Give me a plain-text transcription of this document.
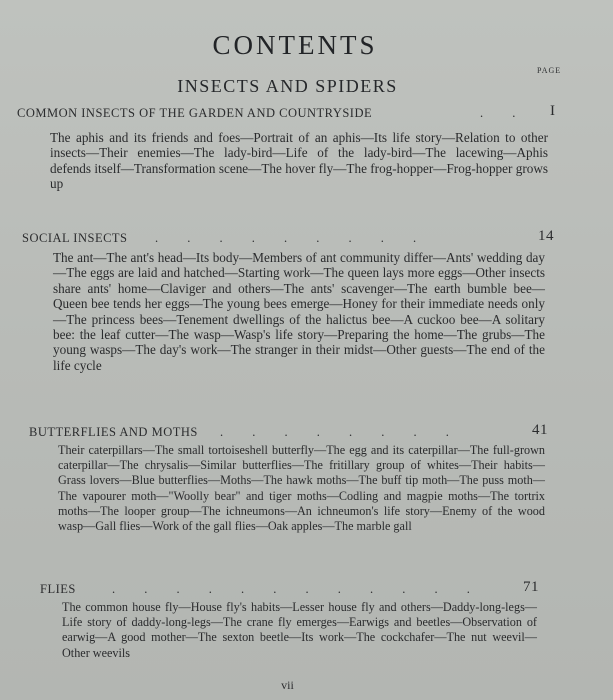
CONTENTS
PAGE
INSECTS AND SPIDERS
COMMON INSECTS OF THE GARDEN AND COUNTRYSIDE	. . I
The aphis and its friends and foes—Portrait of an aphis—Its life story—Relation to other insects—Their enemies—The lady-bird—Life of the lady-bird—The lacewing—Aphis defends itself—Transformation scene—The hover fly—The frog-hopper—Frog-hopper grows up
SOCIAL INSECTS . . . . . . . . .	14
The ant—The ant's head—Its body—Members of ant community differ—Ants' wedding day—The eggs are laid and hatched—Starting work—The queen lays more eggs—Other insects share ants' home—Claviger and others—The ants' scavenger—The earth bumble bee—Queen bee tends her eggs—The young bees emerge—Honey for their immediate needs only—The princess bees—Tenement dwellings of the halictus bee—A cuckoo bee—A solitary bee: the leaf cutter—The wasp—Wasp's life story—Preparing the home—The grubs—The young wasps—The day's work—The stranger in their midst—Other guests—The end of the life cycle
BUTTERFLIES AND MOTHS . . . . . . . .	41
Their caterpillars—The small tortoiseshell butterfly—The egg and its caterpillar—The full-grown caterpillar—The chrysalis—Similar butterflies—The fritillary group of whites—Their habits—Grass lovers—Blue butterflies—Moths—The hawk moths—The buff tip moth—The puss moth—The vapourer moth—"Woolly bear" and tiger moths—Codling and magpie moths—The tortrix moths—The looper group—The ichneumons—An ichneumon's life story—Enemy of the wood wasp—Gall flies—Work of the gall flies—Oak apples—The marble gall
FLIES	. . . . . . . . . . . .	71
The common house fly—House fly's habits—Lesser house fly and others—Daddy-long-legs—Life story of daddy-long-legs—The crane fly emerges—Earwigs and beetles—Observation of earwig—A good mother—The sexton beetle—Its work—The cockchafer—The nut weevil—Other weevils
vii
